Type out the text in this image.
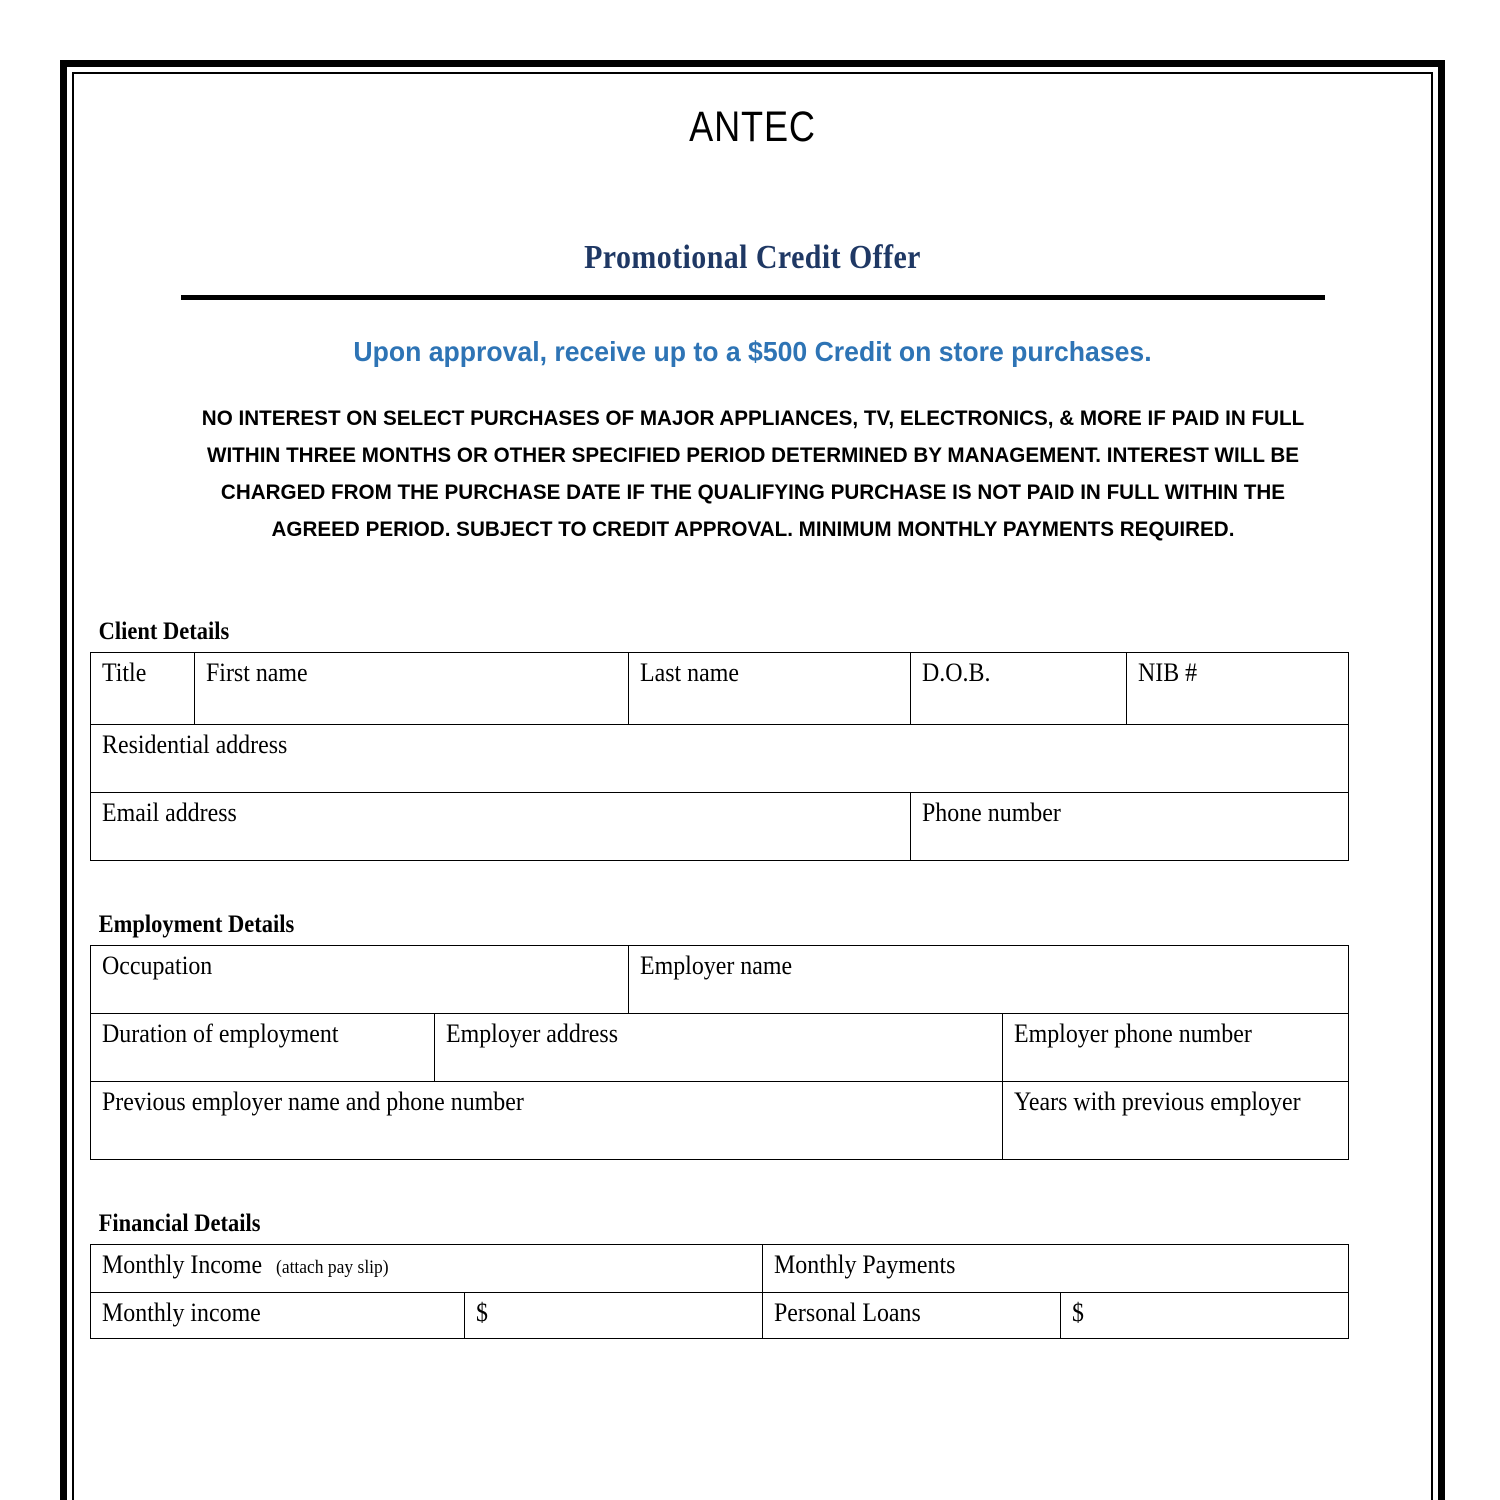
ANTEC
Promotional Credit Offer
Upon approval, receive up to a $500 Credit on store purchases.
NO INTEREST ON SELECT PURCHASES OF MAJOR APPLIANCES, TV, ELECTRONICS, & MORE IF PAID IN FULL WITHIN THREE MONTHS OR OTHER SPECIFIED PERIOD DETERMINED BY MANAGEMENT. INTEREST WILL BE CHARGED FROM THE PURCHASE DATE IF THE QUALIFYING PURCHASE IS NOT PAID IN FULL WITHIN THE AGREED PERIOD. SUBJECT TO CREDIT APPROVAL. MINIMUM MONTHLY PAYMENTS REQUIRED.
Client Details
Title	First name	Last name	D.O.B.	NIB #
Residential address				
Email address			Phone number	
Employment Details
Occupation		Employer name	
Duration of employment	Employer address		Employer phone number
Previous employer name and phone number			Years with previous employer
Financial Details
Monthly Income (attach pay slip)		Monthly Payments	
Monthly income	$	Personal Loans	$
